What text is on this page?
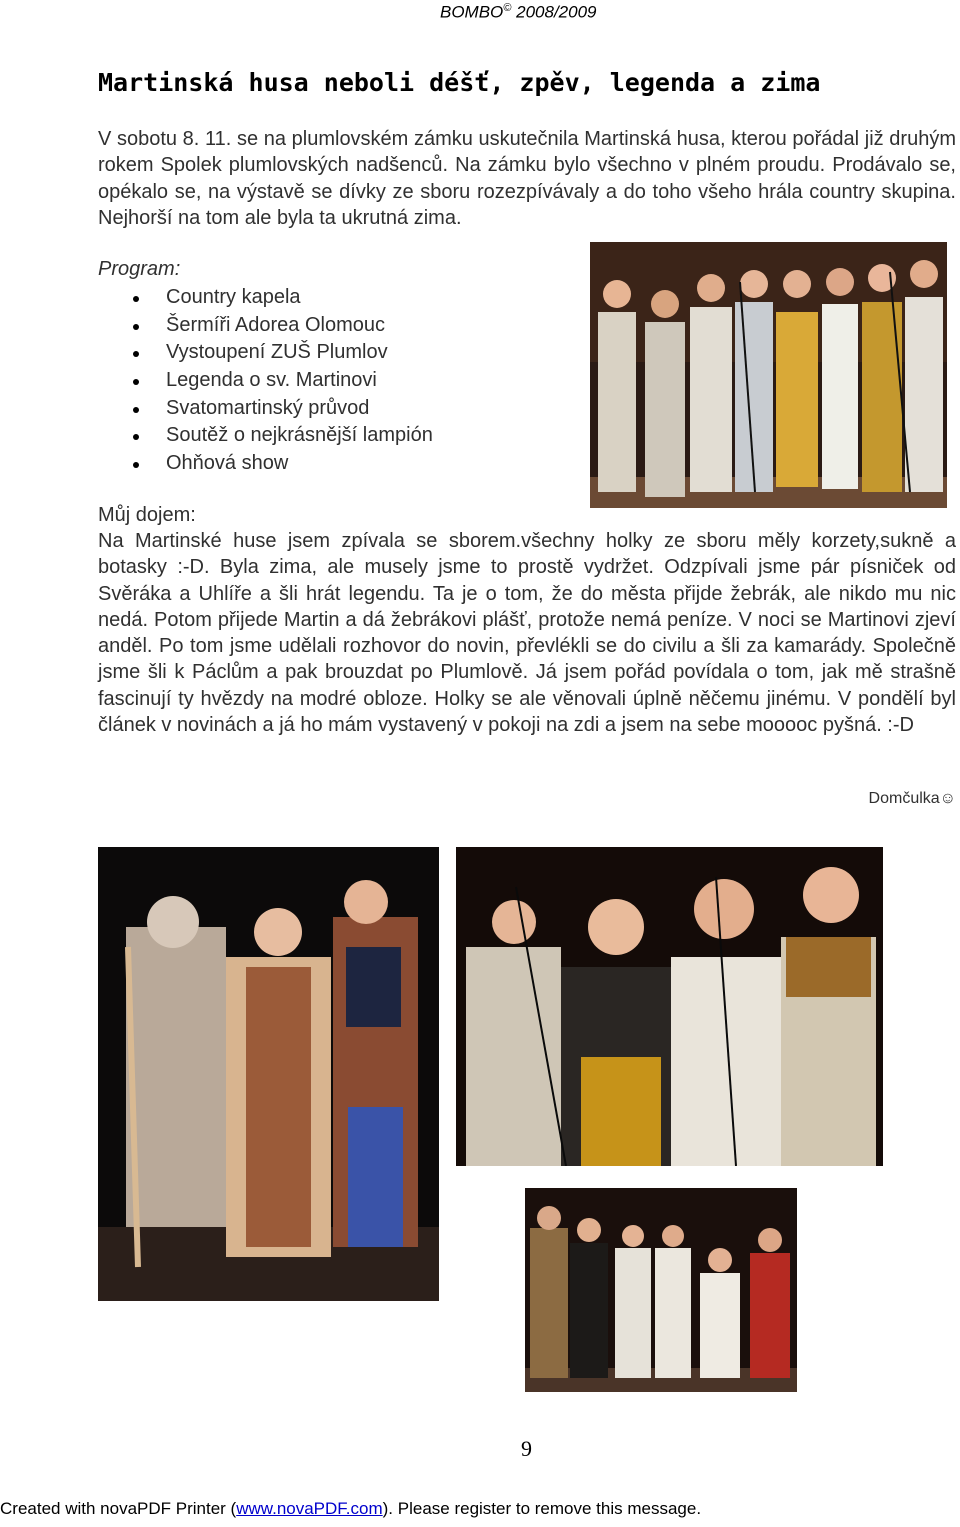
BOMBO© 2008/2009
Martinská husa neboli déšť, zpěv, legenda a zima

V sobotu 8. 11. se na plumlovském zámku uskutečnila Martinská husa, kterou pořádal již druhým rokem Spolek plumlovských nadšenců. Na zámku bylo všechno v plném proudu. Prodávalo se, opékalo se, na výstavě se dívky ze sboru rozezpívávaly a do toho všeho hrála country skupina. Nejhorší na tom ale byla ta ukrutná zima.

Program:
Country kapela
Šermíři Adorea Olomouc
Vystoupení ZUŠ Plumlov
Legenda o sv. Martinovi
Svatomartinský průvod
Soutěž o nejkrásnější lampión
Ohňová show
Můj dojem:

Na Martinské huse jsem zpívala se sborem.všechny holky ze sboru měly korzety,sukně a botasky :-D. Byla zima, ale musely jsme to prostě vydržet. Odzpívali jsme pár písniček od Svěráka a Uhlíře a šli hrát legendu. Ta je o tom, že do města přijde žebrák, ale nikdo mu nic nedá. Potom přijede Martin a dá žebrákovi plášť, protože nemá peníze. V noci se Martinovi zjeví anděl. Po tom jsme udělali rozhovor do novin, převlékli se do civilu a šli za kamarády. Společně jsme šli k Páclům a pak brouzdat po Plumlově. Já jsem pořád povídala o tom, jak mě strašně fascinují ty hvězdy na modré obloze. Holky se ale věnovali úplně něčemu jinému. V pondělí byl článek v novinách a já ho mám vystavený v pokoji na zdi a jsem na sebe mooooc pyšná. :-D

Domčulka☺
9
Created with novaPDF Printer (www.novaPDF.com). Please register to remove this message.
